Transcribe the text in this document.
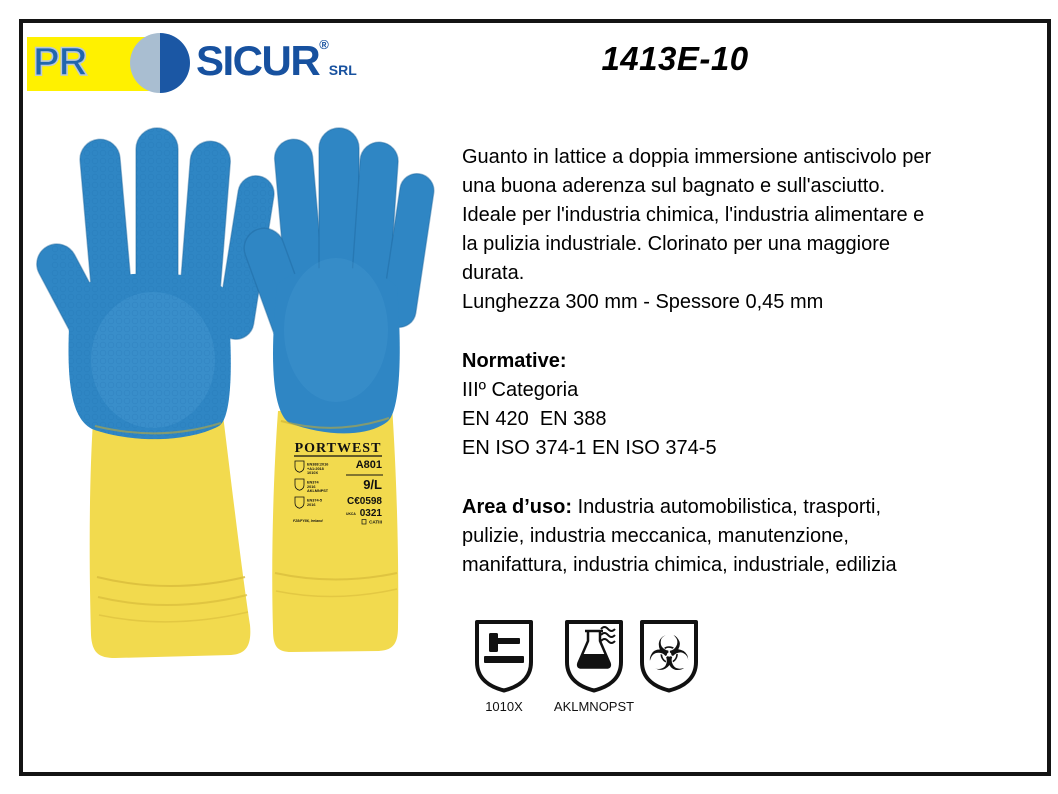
PR	SICUR®SRL	1413E-10
PORTWEST
EN388:2016
+A1:2018
1010X
EN374
2016
AKLMNPST
EN374-5
2016
A801
9/L
C€0598
UKCA 0321
F28/FY86, Ireland	CATIII
Guanto in lattice a doppia immersione antiscivolo per
una buona aderenza sul bagnato e sull'asciutto.
Ideale per l'industria chimica, l'industria alimentare e
la pulizia industriale. Clorinato per una maggiore
durata.
Lunghezza 300 mm - Spessore 0,45 mm
Normative:
IIIº Categoria
EN 420  EN 388
EN ISO 374-1 EN ISO 374-5
Area d’uso: Industria automobilistica, trasporti,
pulizie, industria meccanica, manutenzione,
manifattura, industria chimica, industriale, edilizia
☣
1010X	AKLMNOPST
